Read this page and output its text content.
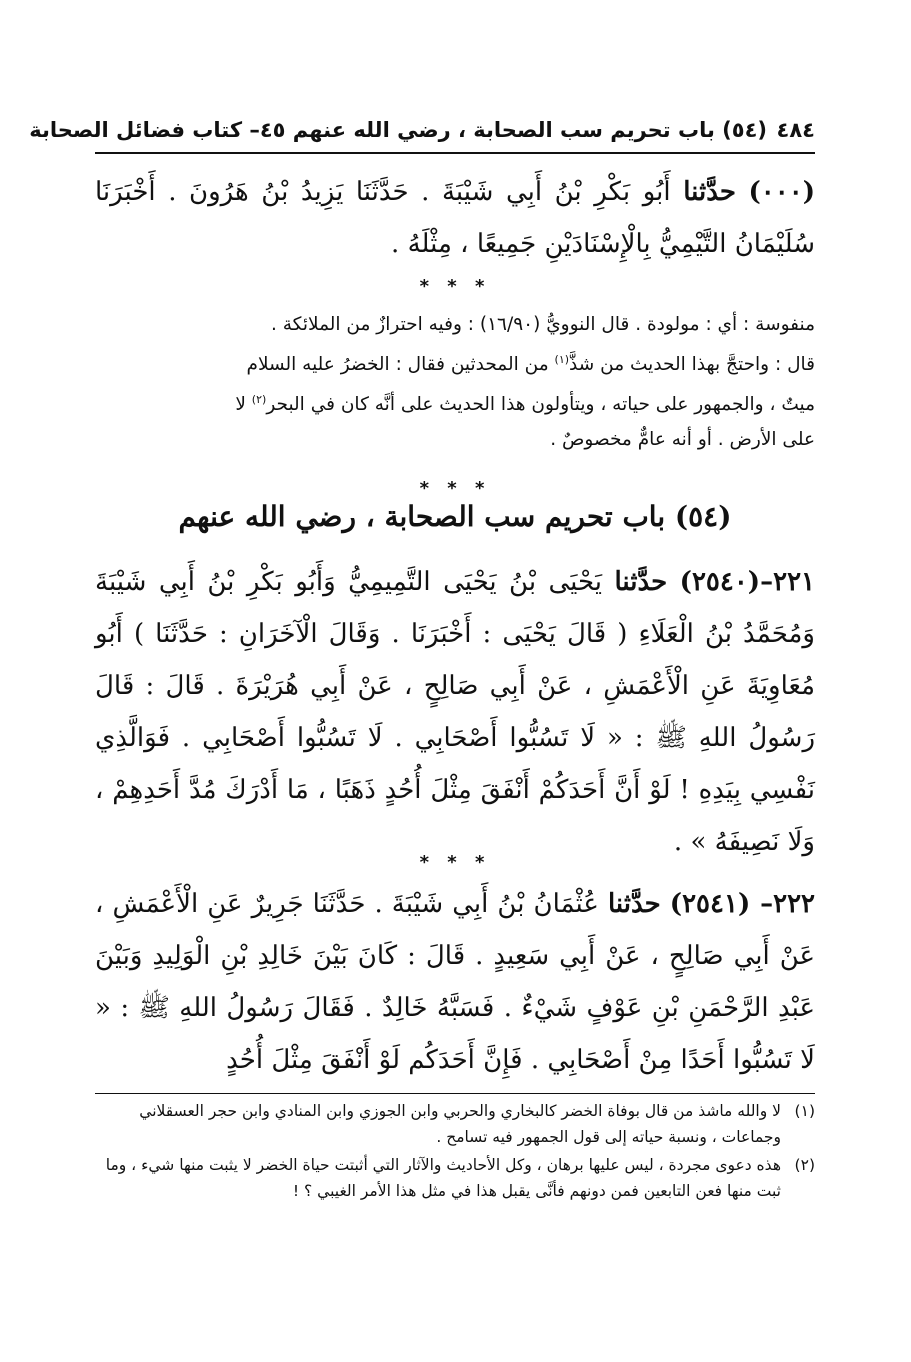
٤٨٤
(٥٤) باب تحريم سب الصحابة ، رضي الله عنهم ٤٥– كتاب فضائل الصحابة
(٠٠٠) حدَّثنا أَبُو بَكْرِ بْنُ أَبِي شَيْبَةَ . حَدَّثَنَا يَزِيدُ بْنُ هَرُونَ . أَخْبَرَنَا سُلَيْمَانُ التَّيْمِيُّ بِالْإِسْنَادَيْنِ جَمِيعًا ، مِثْلَهُ .
* * *
منفوسة : أي : مولودة . قال النوويُّ (١٦/٩٠) : وفيه احترازٌ من الملائكة .
قال : واحتجَّ بهذا الحديث من شذَّ$^{(١)}$ من المحدثين فقال : الخضرُ عليه السلام
ميتٌ ، والجمهور على حياته ، ويتأولون هذا الحديث على أنَّه كان في البحر$^{(٢)}$ لا
على الأرض . أو أنه عامٌّ مخصوصٌ .
* * *
(٥٤) باب تحريم سب الصحابة ، رضي الله عنهم
٢٢١–(٢٥٤٠) حدَّثنا يَحْيَى بْنُ يَحْيَى التَّمِيمِيُّ وَأَبُو بَكْرِ بْنُ أَبِي شَيْبَةَ وَمُحَمَّدُ بْنُ الْعَلَاءِ ( قَالَ يَحْيَى : أَخْبَرَنَا . وَقَالَ الْآخَرَانِ : حَدَّثَنَا ) أَبُو مُعَاوِيَةَ عَنِ الْأَعْمَشِ ، عَنْ أَبِي صَالِحٍ ، عَنْ أَبِي هُرَيْرَةَ . قَالَ : قَالَ رَسُولُ اللهِ ﷺ : « لَا تَسُبُّوا أَصْحَابِي . لَا تَسُبُّوا أَصْحَابِي . فَوَالَّذِي نَفْسِي بِيَدِهِ ! لَوْ أَنَّ أَحَدَكُمْ أَنْفَقَ مِثْلَ أُحُدٍ ذَهَبًا ، مَا أَدْرَكَ مُدَّ أَحَدِهِمْ ، وَلَا نَصِيفَهُ » .
* * *
٢٢٢– (٢٥٤١) حدَّثنا عُثْمَانُ بْنُ أَبِي شَيْبَةَ . حَدَّثَنَا جَرِيرٌ عَنِ الْأَعْمَشِ ، عَنْ أَبِي صَالِحٍ ، عَنْ أَبِي سَعِيدٍ . قَالَ : كَانَ بَيْنَ خَالِدِ بْنِ الْوَلِيدِ وَبَيْنَ عَبْدِ الرَّحْمَنِ بْنِ عَوْفٍ شَيْءٌ . فَسَبَّهُ خَالِدٌ . فَقَالَ رَسُولُ اللهِ ﷺ : « لَا تَسُبُّوا أَحَدًا مِنْ أَصْحَابِي . فَإِنَّ أَحَدَكُم لَوْ أَنْفَقَ مِثْلَ أُحُدٍ
(١)
لا والله ماشذ من قال بوفاة الخضر كالبخاري والحربي وابن الجوزي وابن المنادي وابن حجر العسقلاني وجماعات ، ونسبة حياته إلى قول الجمهور فيه تسامح .
(٢)
هذه دعوى مجردة ، ليس عليها برهان ، وكل الأحاديث والآثار التي أثبتت حياة الخضر لا يثبت منها شيء ، وما ثبت منها فعن التابعين فمن دونهم فأنَّى يقبل هذا في مثل هذا الأمر الغيبي ؟ !
